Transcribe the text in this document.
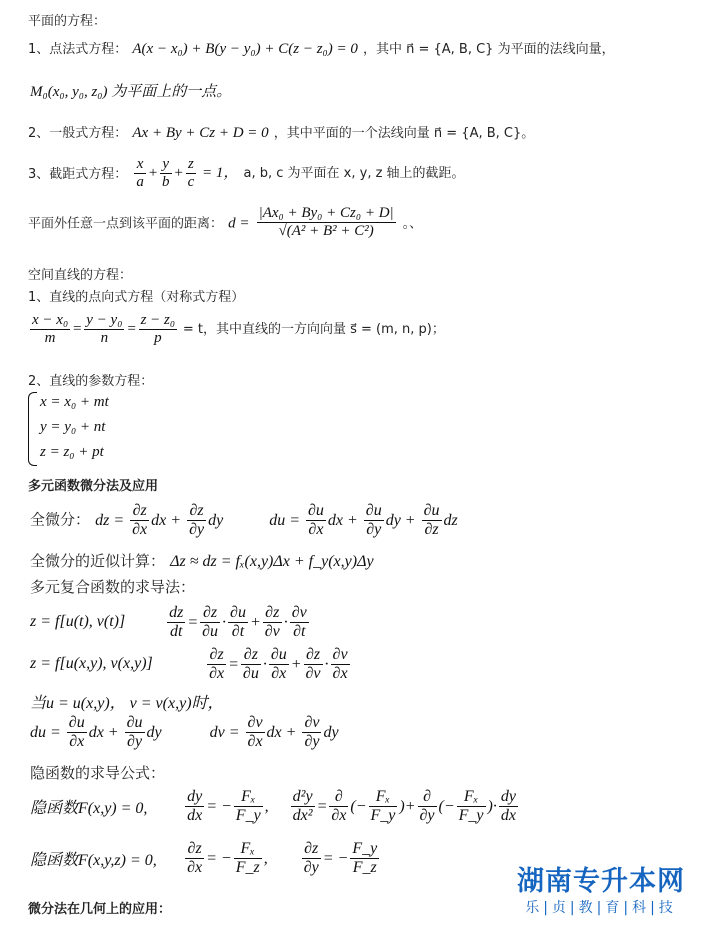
平面的方程：
1、点法式方程： A(x − x₀) + B(y − y₀) + C(z − z₀) = 0 ，其中 n⃗ = {A, B, C} 为平面的法线向量，
M₀(x₀, y₀, z₀) 为平面上的一点。
2、一般式方程： Ax + By + Cz + D = 0 ，其中平面的一个法线向量 n⃗ = {A, B, C}。
3、截距式方程： $\frac{x}{a} + \frac{y}{b} + \frac{z}{c} = 1$， a, b, c 为平面在 x, y, z 轴上的截距。
平面外任意一点到该平面的距离： $d = \frac{\text{|Ax₀ + By₀ + Cz₀ + D|}}{\text{√(A² + B² + C²)}}$ 。、
空间直线的方程：
1、直线的点向式方程（对称式方程）
$\frac{\text{x − x₀}}{m} = \frac{\text{y − y₀}}{n} = \frac{\text{z − z₀}}{p} = t$，其中直线的一方向向量 s⃗ = (m, n, p)；
2、直线的参数方程：
x = x₀ + mt
y = y₀ + nt
z = z₀ + pt
多元函数微分法及应用
全微分： dz = $\frac{\partial z}{\partial x}$ dx + $\frac{\partial z}{\partial y}$ dy	du = $\frac{\partial u}{\partial x}$ dx + $\frac{\partial u}{\partial y}$ dy + $\frac{\partial u}{\partial z}$ dz
全微分的近似计算： Δz ≈ dz = fₓ(x,y)Δx + f_y(x,y)Δy
多元复合函数的求导法：
z = f[u(t), v(t)]	$\frac{dz}{dt} = \frac{\partial z}{\partial u} \cdot \frac{\partial u}{\partial t} + \frac{\partial z}{\partial v} \cdot \frac{\partial v}{\partial t}$
z = f[u(x,y), v(x,y)]	$\frac{\partial z}{\partial x} = \frac{\partial z}{\partial u} \cdot \frac{\partial u}{\partial x} + \frac{\partial z}{\partial v} \cdot \frac{\partial v}{\partial x}$
当u = u(x,y)， v = v(x,y)时，
du = $\frac{\partial u}{\partial x}$ dx + $\frac{\partial u}{\partial y}$ dy	dv = $\frac{\partial v}{\partial x}$ dx + $\frac{\partial v}{\partial y}$ dy
隐函数的求导公式：
隐函数F(x,y) = 0, $\frac{dy}{dx}$ = − $\frac{\text{Fₓ}}{F\_y}$ , $\frac{\text{d²y}}{\text{dx²}} = \frac{\partial}{\partial x}$ (− $\frac{\text{Fₓ}}{F\_y}$ )+ $\frac{\partial}{\partial y}$ (− $\frac{\text{Fₓ}}{F\_y}$ )· $\frac{dy}{dx}$
隐函数F(x,y,z) = 0, $\frac{\partial z}{\partial x}$ = − $\frac{\text{Fₓ}}{F\_z}$ , $\frac{\partial z}{\partial y}$ = − $\frac{F\_y}{F\_z}$
微分法在几何上的应用：
湖南专升本网
乐|贞|教|育|科|技
